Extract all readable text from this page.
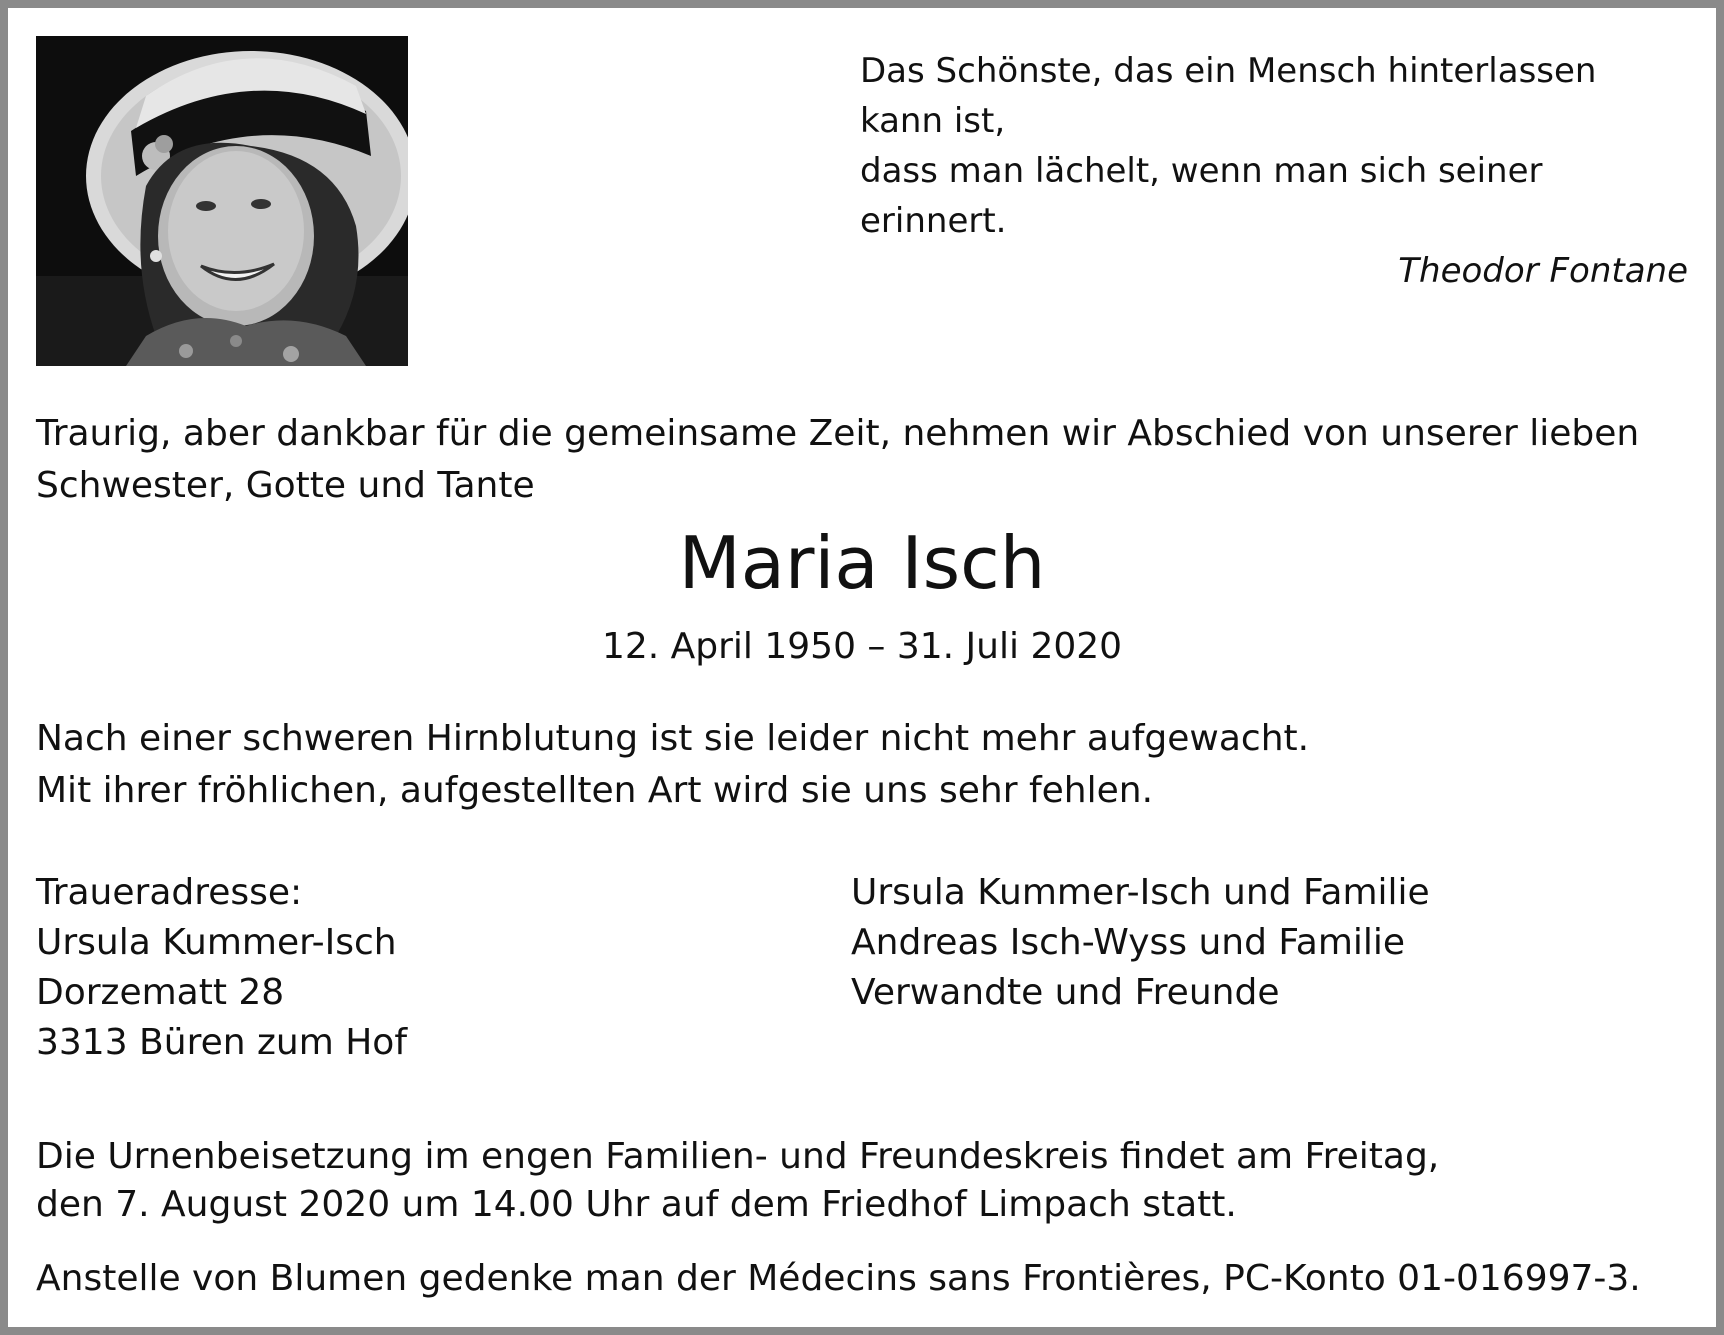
Das Schönste, das ein Mensch hinterlassen kann ist,
dass man lächelt, wenn man sich seiner erinnert.
Theodor Fontane
Traurig, aber dankbar für die gemeinsame Zeit, nehmen wir Abschied von unserer lieben
Schwester, Gotte und Tante
Maria Isch
12. April 1950 – 31. Juli 2020
Nach einer schweren Hirnblutung ist sie leider nicht mehr aufgewacht.
Mit ihrer fröhlichen, aufgestellten Art wird sie uns sehr fehlen.
Traueradresse:
Ursula Kummer-Isch
Dorzematt 28
3313 Büren zum Hof
Ursula Kummer-Isch und Familie
Andreas Isch-Wyss und Familie
Verwandte und Freunde
Die Urnenbeisetzung im engen Familien- und Freundeskreis findet am Freitag,
den 7. August 2020 um 14.00 Uhr auf dem Friedhof Limpach statt.
Anstelle von Blumen gedenke man der Médecins sans Frontières, PC-Konto 01-016997-3.
